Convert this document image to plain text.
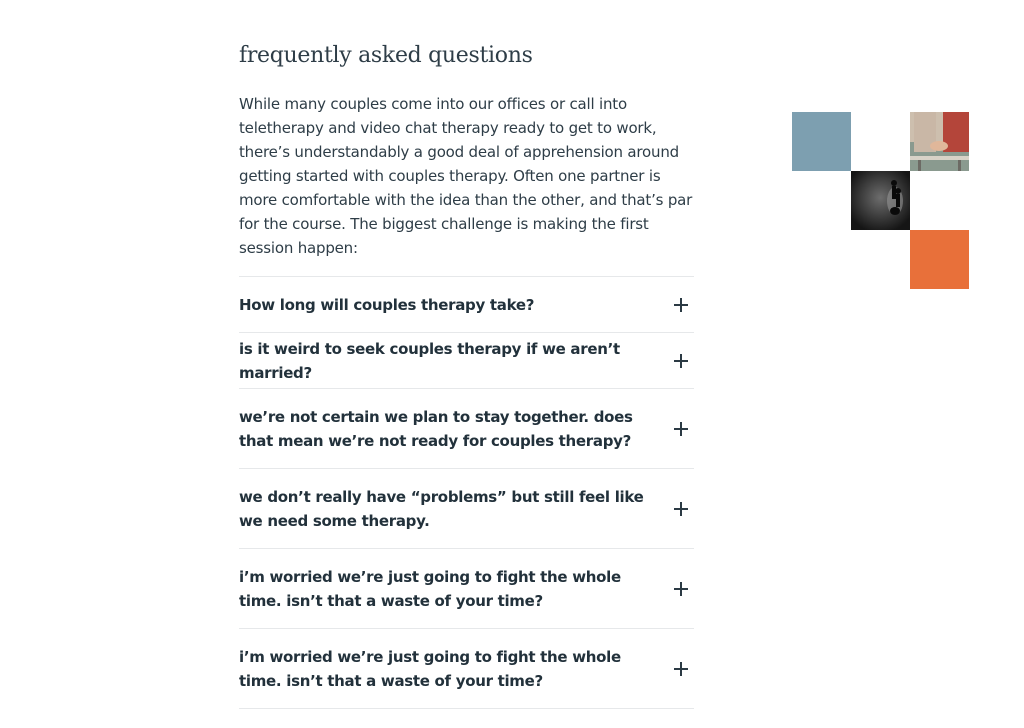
frequently asked questions

While many couples come into our offices or call into teletherapy and video chat therapy ready to get to work, there’s understandably a good deal of apprehension around getting started with couples therapy. Often one partner is more comfortable with the idea than the other, and that’s par for the course. The biggest challenge is making the first session happen:

How long will couples therapy take?
is it weird to seek couples therapy if we aren’t married?
we’re not certain we plan to stay together. does that mean we’re not ready for couples therapy?
we don’t really have “problems” but still feel like we need some therapy.
i’m worried we’re just going to fight the whole time. isn’t that a waste of your time?
i’m worried we’re just going to fight the whole time. isn’t that a waste of your time?
